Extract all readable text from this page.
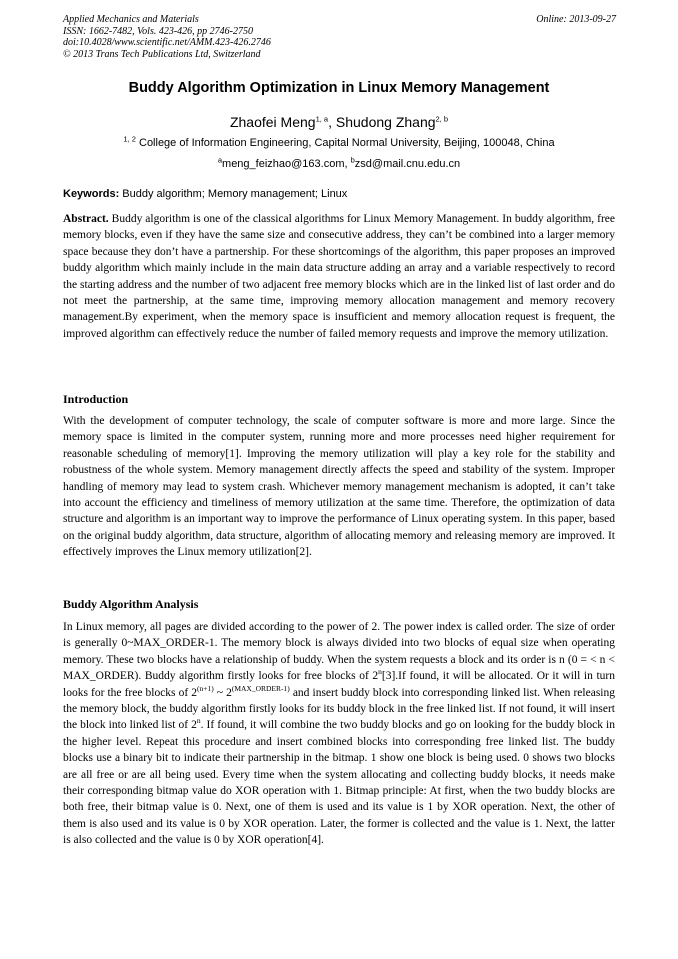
Applied Mechanics and Materials
ISSN: 1662-7482, Vols. 423-426, pp 2746-2750
doi:10.4028/www.scientific.net/AMM.423-426.2746
© 2013 Trans Tech Publications Ltd, Switzerland
Online: 2013-09-27
Buddy Algorithm Optimization in Linux Memory Management
Zhaofei Meng$^{1, a}$, Shudong Zhang$^{2, b}$
$^{1, 2}$ College of Information Engineering, Capital Normal University, Beijing, 100048, China
$^a$meng_feizhao@163.com, $^b$zsd@mail.cnu.edu.cn
Keywords: Buddy algorithm; Memory management; Linux
Abstract. Buddy algorithm is one of the classical algorithms for Linux Memory Management. In buddy algorithm, free memory blocks, even if they have the same size and consecutive address, they can’t be combined into a larger memory space because they don’t have a partnership. For these shortcomings of the algorithm, this paper proposes an improved buddy algorithm which mainly include in the main data structure adding an array and a variable respectively to record the starting address and the number of two adjacent free memory blocks which are in the linked list of last order and do not meet the partnership, at the same time, improving memory allocation management and memory recovery management.By experiment, when the memory space is insufficient and memory allocation request is frequent, the improved algorithm can effectively reduce the number of failed memory requests and improve the memory utilization.
Introduction
With the development of computer technology, the scale of computer software is more and more large. Since the memory space is limited in the computer system, running more and more processes need higher requirement for reasonable scheduling of memory[1]. Improving the memory utilization will play a key role for the stability and robustness of the whole system. Memory management directly affects the speed and stability of the system. Improper handling of memory may lead to system crash. Whichever memory management mechanism is adopted, it can’t take into account the efficiency and timeliness of memory utilization at the same time. Therefore, the optimization of data structure and algorithm is an important way to improve the performance of Linux operating system. In this paper, based on the original buddy algorithm, data structure, algorithm of allocating memory and releasing memory are improved. It effectively improves the Linux memory utilization[2].
Buddy Algorithm Analysis
In Linux memory, all pages are divided according to the power of 2. The power index is called order. The size of order is generally 0~MAX_ORDER-1. The memory block is always divided into two blocks of equal size when operating memory. These two blocks have a relationship of buddy. When the system requests a block and its order is n (0 = < n < MAX_ORDER). Buddy algorithm firstly looks for free blocks of 2$^n$[3].If found, it will be allocated. Or it will in turn looks for the free blocks of $2^{(n+1)}$ ~ $2^{(MAX\_ORDER-1)}$ and insert buddy block into corresponding linked list. When releasing the memory block, the buddy algorithm firstly looks for its buddy block in the free linked list. If not found, it will insert the block into linked list of 2$^n$. If found, it will combine the two buddy blocks and go on looking for the buddy block in the higher level. Repeat this procedure and insert combined blocks into corresponding free linked list. The buddy blocks use a binary bit to indicate their partnership in the bitmap. 1 show one block is being used. 0 shows two blocks are all free or are all being used. Every time when the system allocating and collecting buddy blocks, it needs make their corresponding bitmap value do XOR operation with 1. Bitmap principle: At first, when the two buddy blocks are both free, their bitmap value is 0. Next, one of them is used and its value is 1 by XOR operation. Next, the other of them is also used and its value is 0 by XOR operation. Later, the former is collected and the value is 1. Next, the latter is also collected and the value is 0 by XOR operation[4].
